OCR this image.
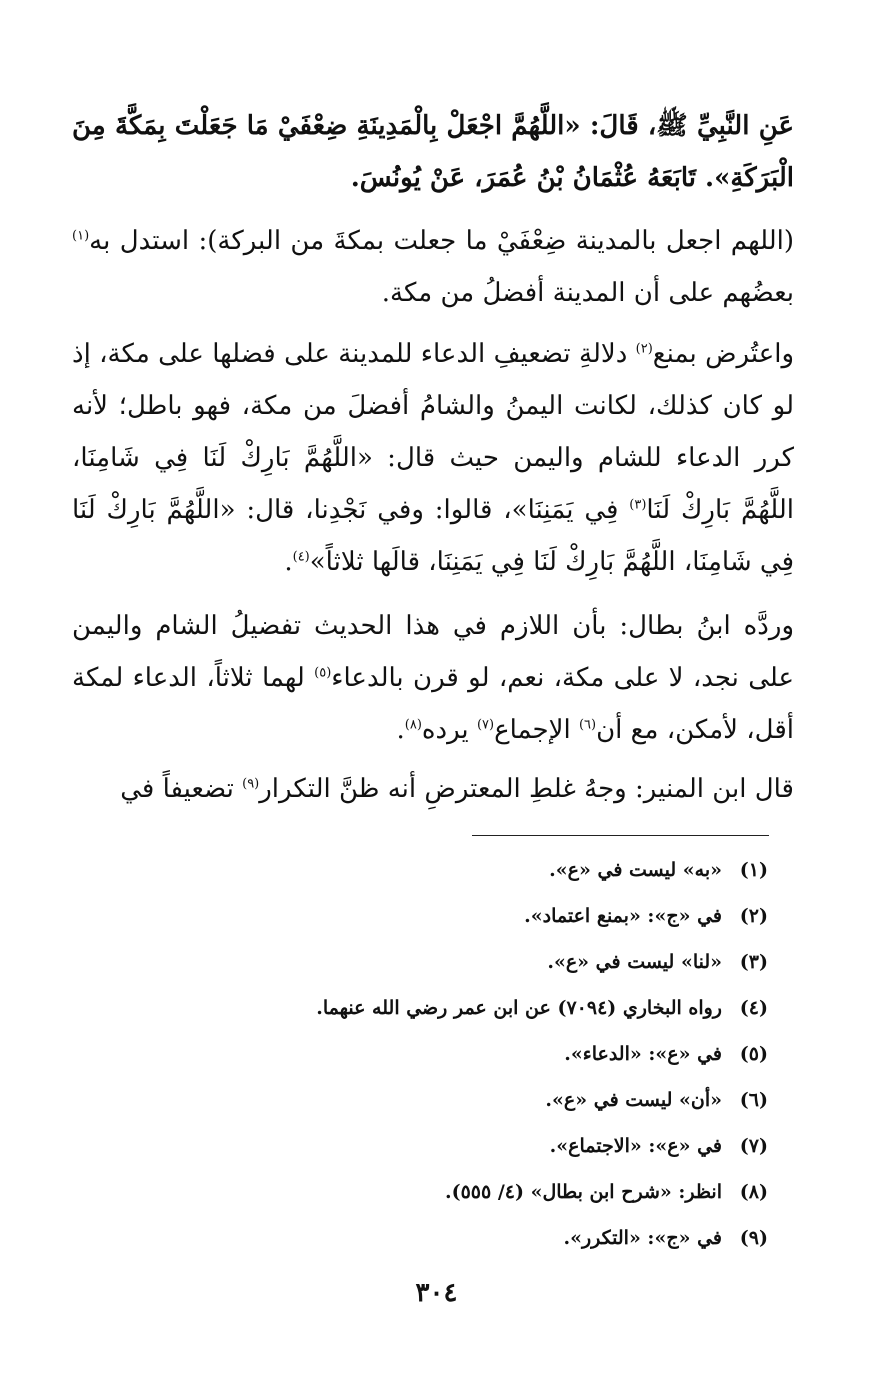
عَنِ النَّبِيِّ ﷺ، قَالَ: «اللَّهُمَّ اجْعَلْ بِالْمَدِينَةِ ضِعْفَيْ مَا جَعَلْتَ بِمَكَّةَ مِنَ الْبَرَكَةِ». تَابَعَهُ عُثْمَانُ بْنُ عُمَرَ، عَنْ يُونُسَ.

(اللهم اجعل بالمدينة ضِعْفَيْ ما جعلت بمكةَ من البركة): استدل به$^{(١)}$ بعضُهم على أن المدينة أفضلُ من مكة.

واعتُرض بمنع$^{(٢)}$ دلالةِ تضعيفِ الدعاء للمدينة على فضلها على مكة، إذ لو كان كذلك، لكانت اليمنُ والشامُ أفضلَ من مكة، فهو باطل؛ لأنه كرر الدعاء للشام واليمن حيث قال: «اللَّهُمَّ بَارِكْ لَنَا فِي شَامِنَا، اللَّهُمَّ بَارِكْ لَنَا$^{(٣)}$ فِي يَمَنِنَا»، قالوا: وفي نَجْدِنا، قال: «اللَّهُمَّ بَارِكْ لَنَا فِي شَامِنَا، اللَّهُمَّ بَارِكْ لَنَا فِي يَمَنِنَا، قالَها ثلاثاً»$^{(٤)}$.

وردَّه ابنُ بطال: بأن اللازم في هذا الحديث تفضيلُ الشام واليمن على نجد، لا على مكة، نعم، لو قرن بالدعاء$^{(٥)}$ لهما ثلاثاً، الدعاء لمكة أقل، لأمكن، مع أن$^{(٦)}$ الإجماع$^{(٧)}$ يرده$^{(٨)}$.

قال ابن المنير: وجهُ غلطِ المعترضِ أنه ظنَّ التكرار$^{(٩)}$ تضعيفاً في

(١)«به» ليست في «ع».
(٢)في «ج»: «بمنع اعتماد».
(٣)«لنا» ليست في «ع».
(٤)رواه البخاري (٧٠٩٤) عن ابن عمر رضي الله عنهما.
(٥)في «ع»: «الدعاء».
(٦)«أن» ليست في «ع».
(٧)في «ع»: «الاجتماع».
(٨)انظر: «شرح ابن بطال» (٤/ ٥٥٥).
(٩)في «ج»: «التكرر».
٣٠٤
